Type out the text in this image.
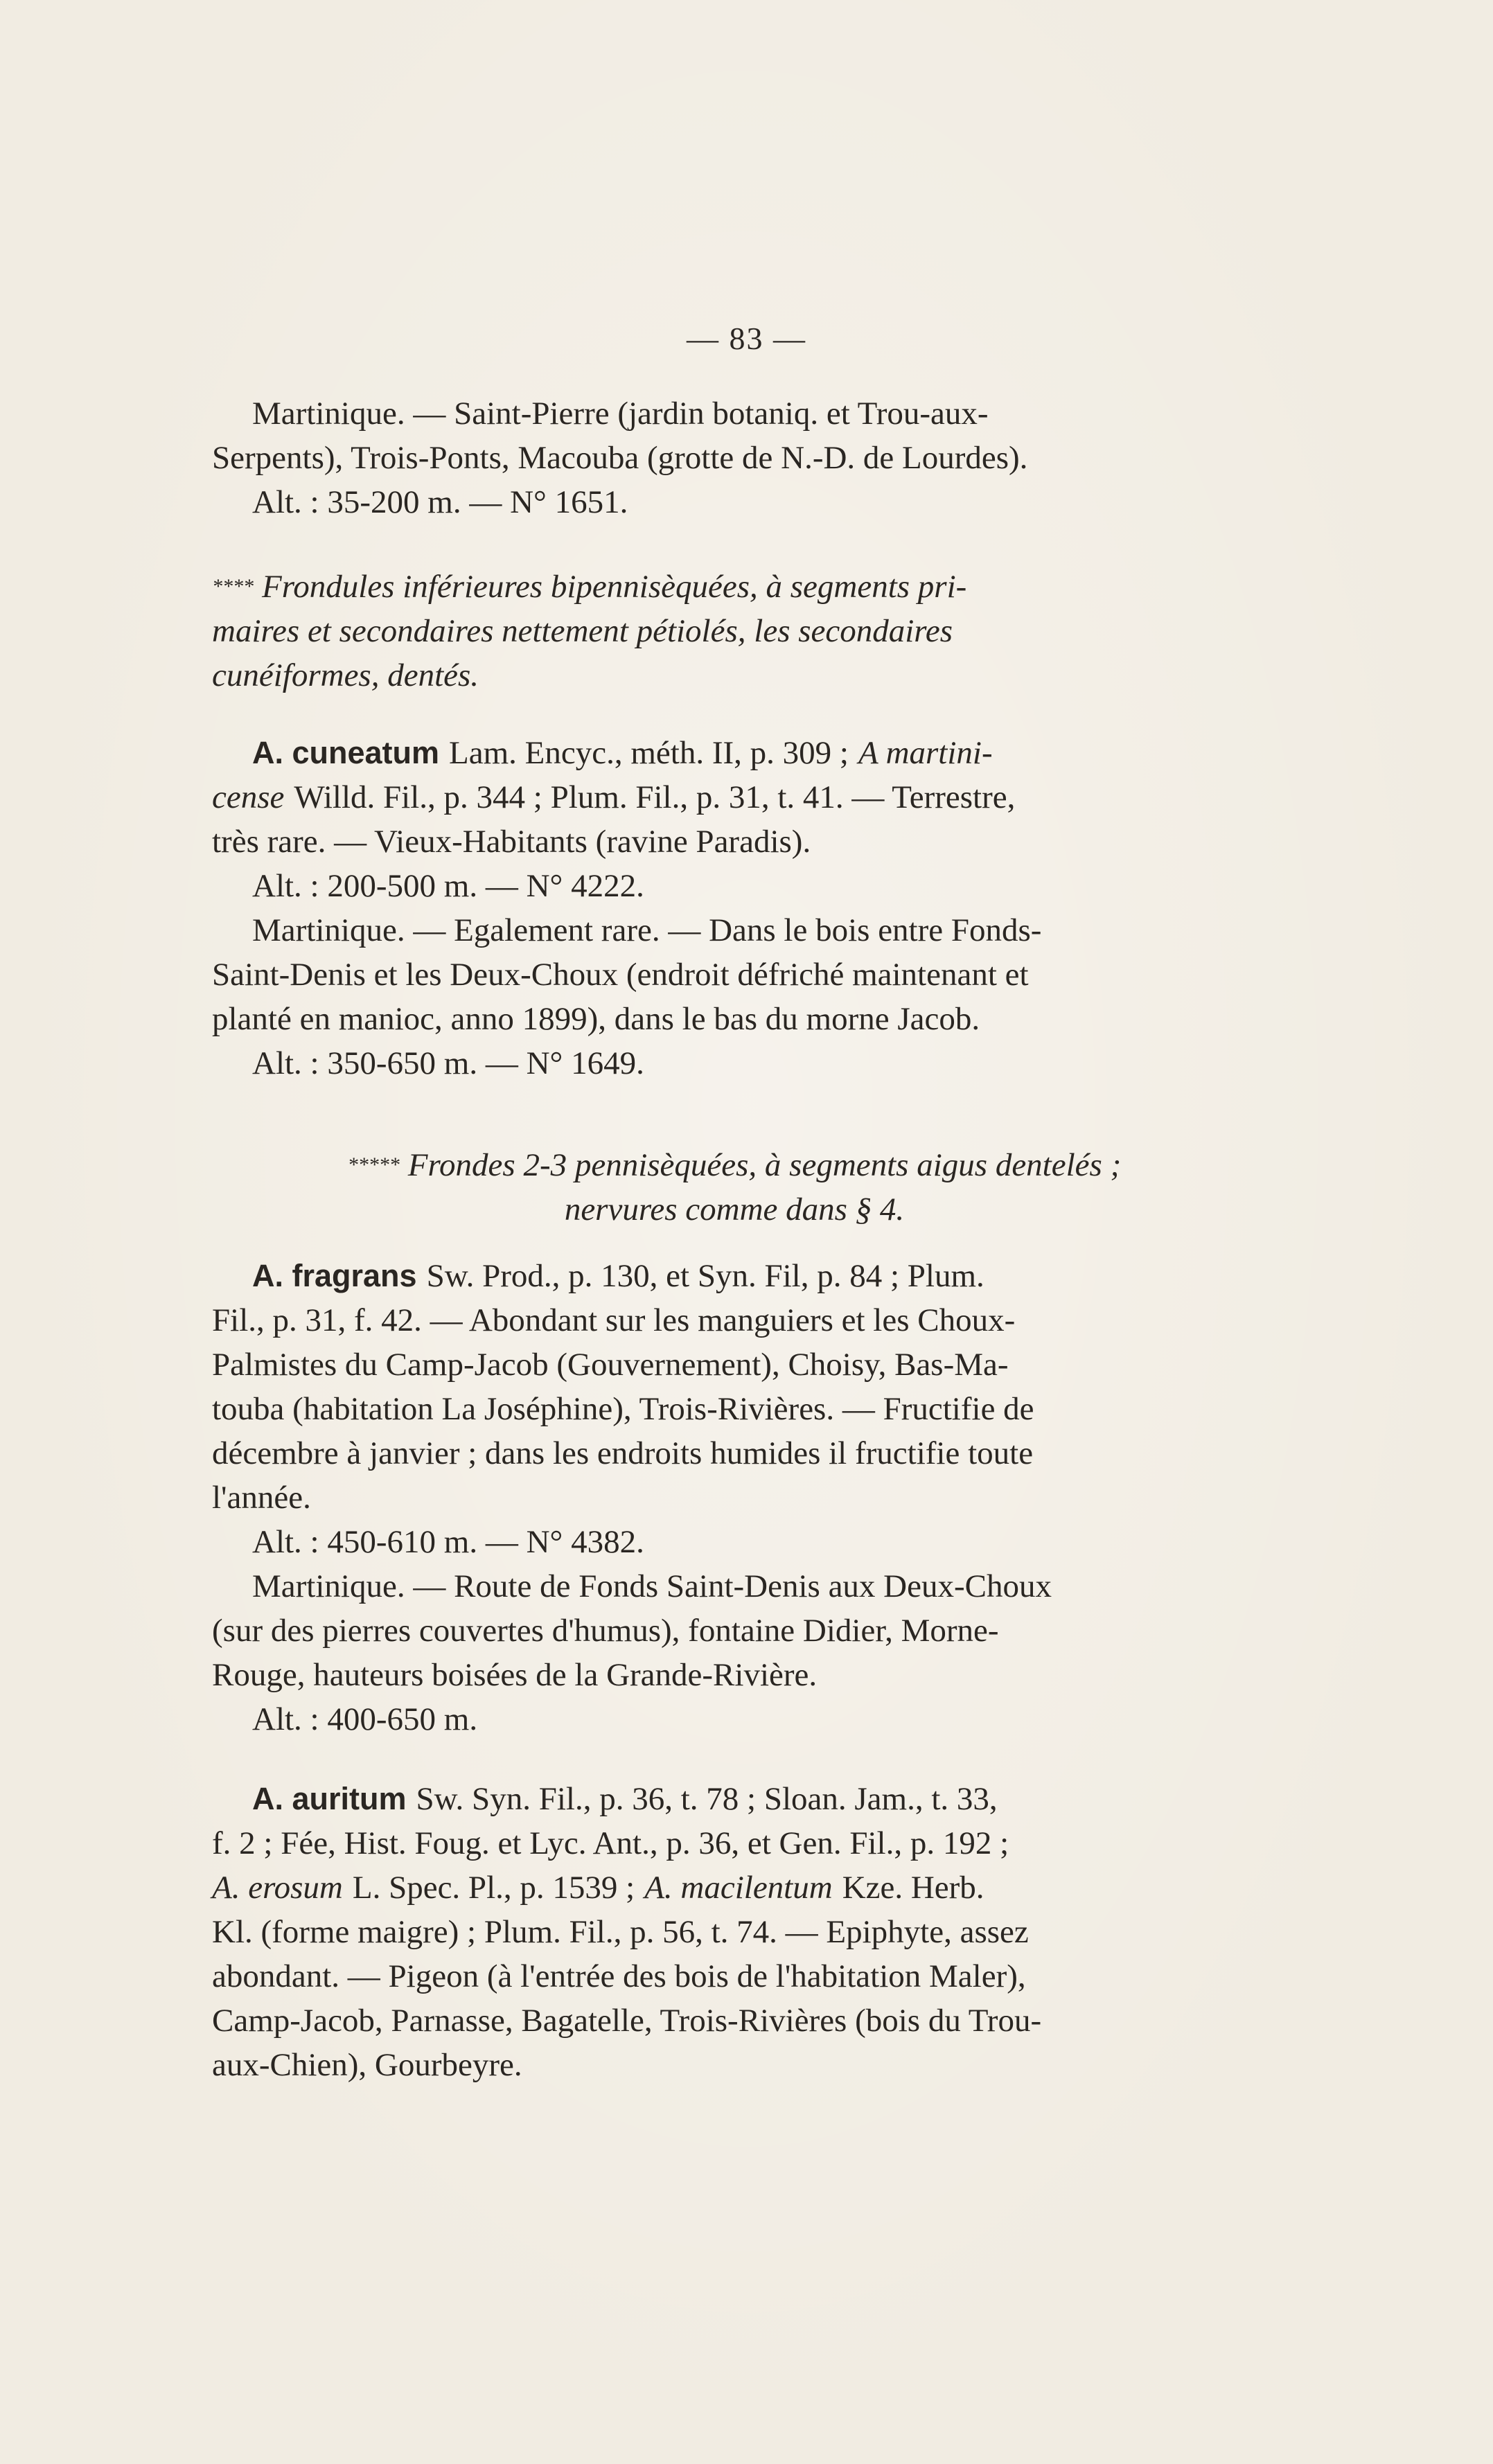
— 83 —
Martinique. — Saint-Pierre (jardin botaniq. et Trou-aux-
Serpents), Trois-Ponts, Macouba (grotte de N.-D. de Lourdes).
Alt. : 35-200 m. — N° 1651.
**** Frondules inférieures bipennisèquées, à segments pri-
maires et secondaires nettement pétiolés, les secondaires
cunéiformes, dentés.
A. cuneatum Lam. Encyc., méth. II, p. 309 ; A martini-
cense Willd. Fil., p. 344 ; Plum. Fil., p. 31, t. 41. — Terrestre,
très rare. — Vieux-Habitants (ravine Paradis).
Alt. : 200-500 m. — N° 4222.
Martinique. — Egalement rare. — Dans le bois entre Fonds-
Saint-Denis et les Deux-Choux (endroit défriché maintenant et
planté en manioc, anno 1899), dans le bas du morne Jacob.
Alt. : 350-650 m. — N° 1649.
***** Frondes 2-3 pennisèquées, à segments aigus dentelés ;
nervures comme dans § 4.
A. fragrans Sw. Prod., p. 130, et Syn. Fil, p. 84 ; Plum.
Fil., p. 31, f. 42. — Abondant sur les manguiers et les Choux-
Palmistes du Camp-Jacob (Gouvernement), Choisy, Bas-Ma-
touba (habitation La Joséphine), Trois-Rivières. — Fructifie de
décembre à janvier ; dans les endroits humides il fructifie toute
l'année.
Alt. : 450-610 m. — N° 4382.
Martinique. — Route de Fonds Saint-Denis aux Deux-Choux
(sur des pierres couvertes d'humus), fontaine Didier, Morne-
Rouge, hauteurs boisées de la Grande-Rivière.
Alt. : 400-650 m.
A. auritum Sw. Syn. Fil., p. 36, t. 78 ; Sloan. Jam., t. 33,
f. 2 ; Fée, Hist. Foug. et Lyc. Ant., p. 36, et Gen. Fil., p. 192 ;
A. erosum L. Spec. Pl., p. 1539 ; A. macilentum Kze. Herb.
Kl. (forme maigre) ; Plum. Fil., p. 56, t. 74. — Epiphyte, assez
abondant. — Pigeon (à l'entrée des bois de l'habitation Maler),
Camp-Jacob, Parnasse, Bagatelle, Trois-Rivières (bois du Trou-
aux-Chien), Gourbeyre.
